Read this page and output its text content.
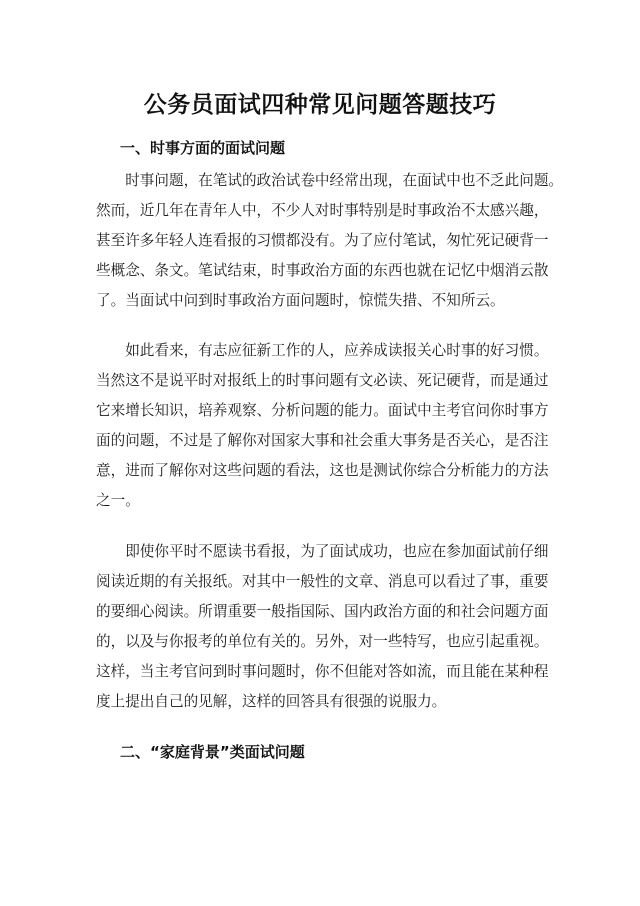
公务员面试四种常见问题答题技巧
一、时事方面的面试问题
　　时事问题，在笔试的政治试卷中经常出现，在面试中也不乏此问题。
然而，近几年在青年人中，不少人对时事特别是时事政治不太感兴趣，
甚至许多年轻人连看报的习惯都没有。为了应付笔试，匆忙死记硬背一
些概念、条文。笔试结束，时事政治方面的东西也就在记忆中烟消云散
了。当面试中问到时事政治方面问题时，惊慌失措、不知所云。
　　如此看来，有志应征新工作的人，应养成读报关心时事的好习惯。
当然这不是说平时对报纸上的时事问题有文必读、死记硬背，而是通过
它来增长知识，培养观察、分析问题的能力。面试中主考官问你时事方
面的问题，不过是了解你对国家大事和社会重大事务是否关心，是否注
意，进而了解你对这些问题的看法，这也是测试你综合分析能力的方法
之一。
　　即使你平时不愿读书看报，为了面试成功，也应在参加面试前仔细
阅读近期的有关报纸。对其中一般性的文章、消息可以看过了事，重要
的要细心阅读。所谓重要一般指国际、国内政治方面的和社会问题方面
的，以及与你报考的单位有关的。另外，对一些特写，也应引起重视。
这样，当主考官问到时事问题时，你不但能对答如流，而且能在某种程
度上提出自己的见解，这样的回答具有很强的说服力。
二、“家庭背景”类面试问题
